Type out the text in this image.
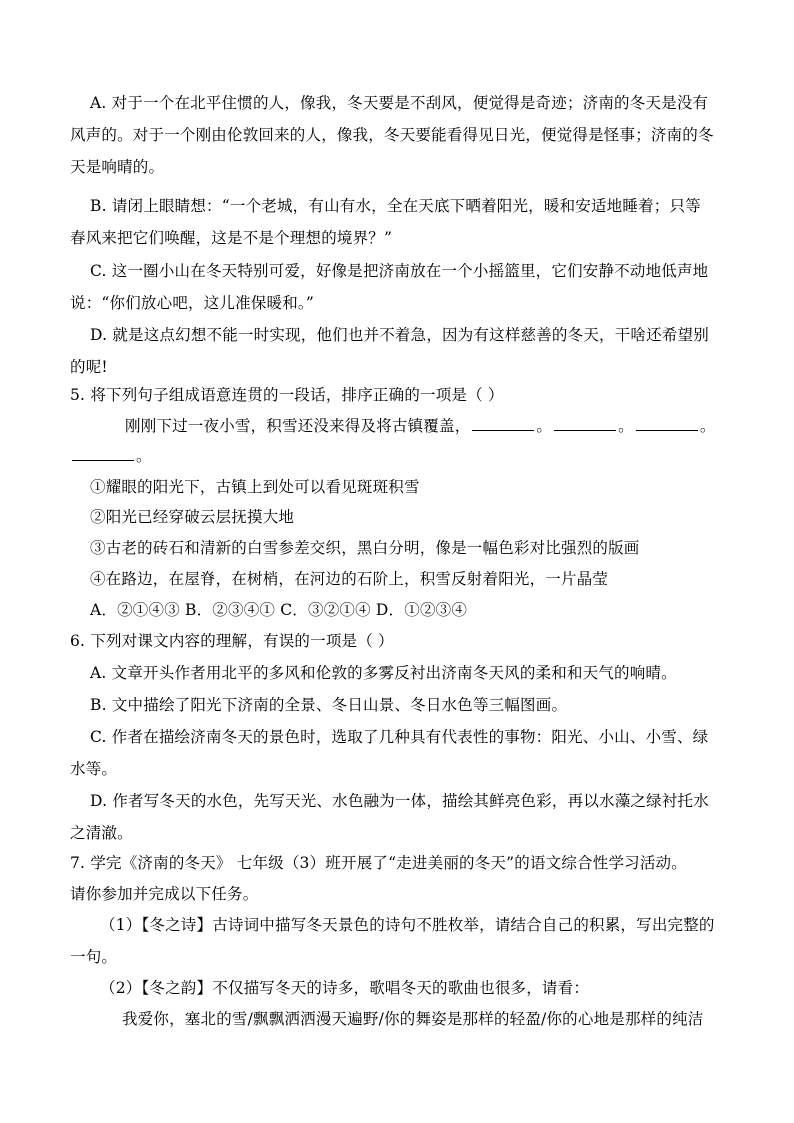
A. 对于一个在北平住惯的人，像我，冬天要是不刮风，便觉得是奇迹；济南的冬天是没有
风声的。对于一个刚由伦敦回来的人，像我，冬天要能看得见日光，便觉得是怪事；济南的冬
天是响晴的。
B. 请闭上眼睛想：“一个老城，有山有水，全在天底下晒着阳光，暖和安适地睡着；只等
春风来把它们唤醒，这是不是个理想的境界？”
C. 这一圈小山在冬天特别可爱，好像是把济南放在一个小摇篮里，它们安静不动地低声地
说：“你们放心吧，这儿准保暖和。”
D. 就是这点幻想不能一时实现，他们也并不着急，因为有这样慈善的冬天，干啥还希望别
的呢!
5. 将下列句子组成语意连贯的一段话，排序正确的一项是（ ）
刚刚下过一夜小雪，积雪还没来得及将古镇覆盖，	。	。	。
。
①耀眼的阳光下，古镇上到处可以看见斑斑积雪
②阳光已经穿破云层抚摸大地
③古老的砖石和清新的白雪参差交织，黑白分明，像是一幅色彩对比强烈的版画
④在路边，在屋脊，在树梢，在河边的石阶上，积雪反射着阳光，一片晶莹
A．②①④③ B．②③④① C．③②①④ D．①②③④
6. 下列对课文内容的理解，有误的一项是（ ）
A. 文章开头作者用北平的多风和伦敦的多雾反衬出济南冬天风的柔和和天气的响晴。
B. 文中描绘了阳光下济南的全景、冬日山景、冬日水色等三幅图画。
C. 作者在描绘济南冬天的景色时，选取了几种具有代表性的事物：阳光、小山、小雪、绿
水等。
D. 作者写冬天的水色，先写天光、水色融为一体，描绘其鲜亮色彩，再以水藻之绿衬托水
之清澈。
7. 学完《济南的冬天》 七年级（3）班开展了“走进美丽的冬天”的语文综合性学习活动。
请你参加并完成以下任务。
（1）【冬之诗】古诗词中描写冬天景色的诗句不胜枚举，请结合自己的积累，写出完整的
一句。
（2）【冬之韵】不仅描写冬天的诗多，歌唱冬天的歌曲也很多，请看：
我爱你，塞北的雪/飘飘洒洒漫天遍野/你的舞姿是那样的轻盈/你的心地是那样的纯洁
